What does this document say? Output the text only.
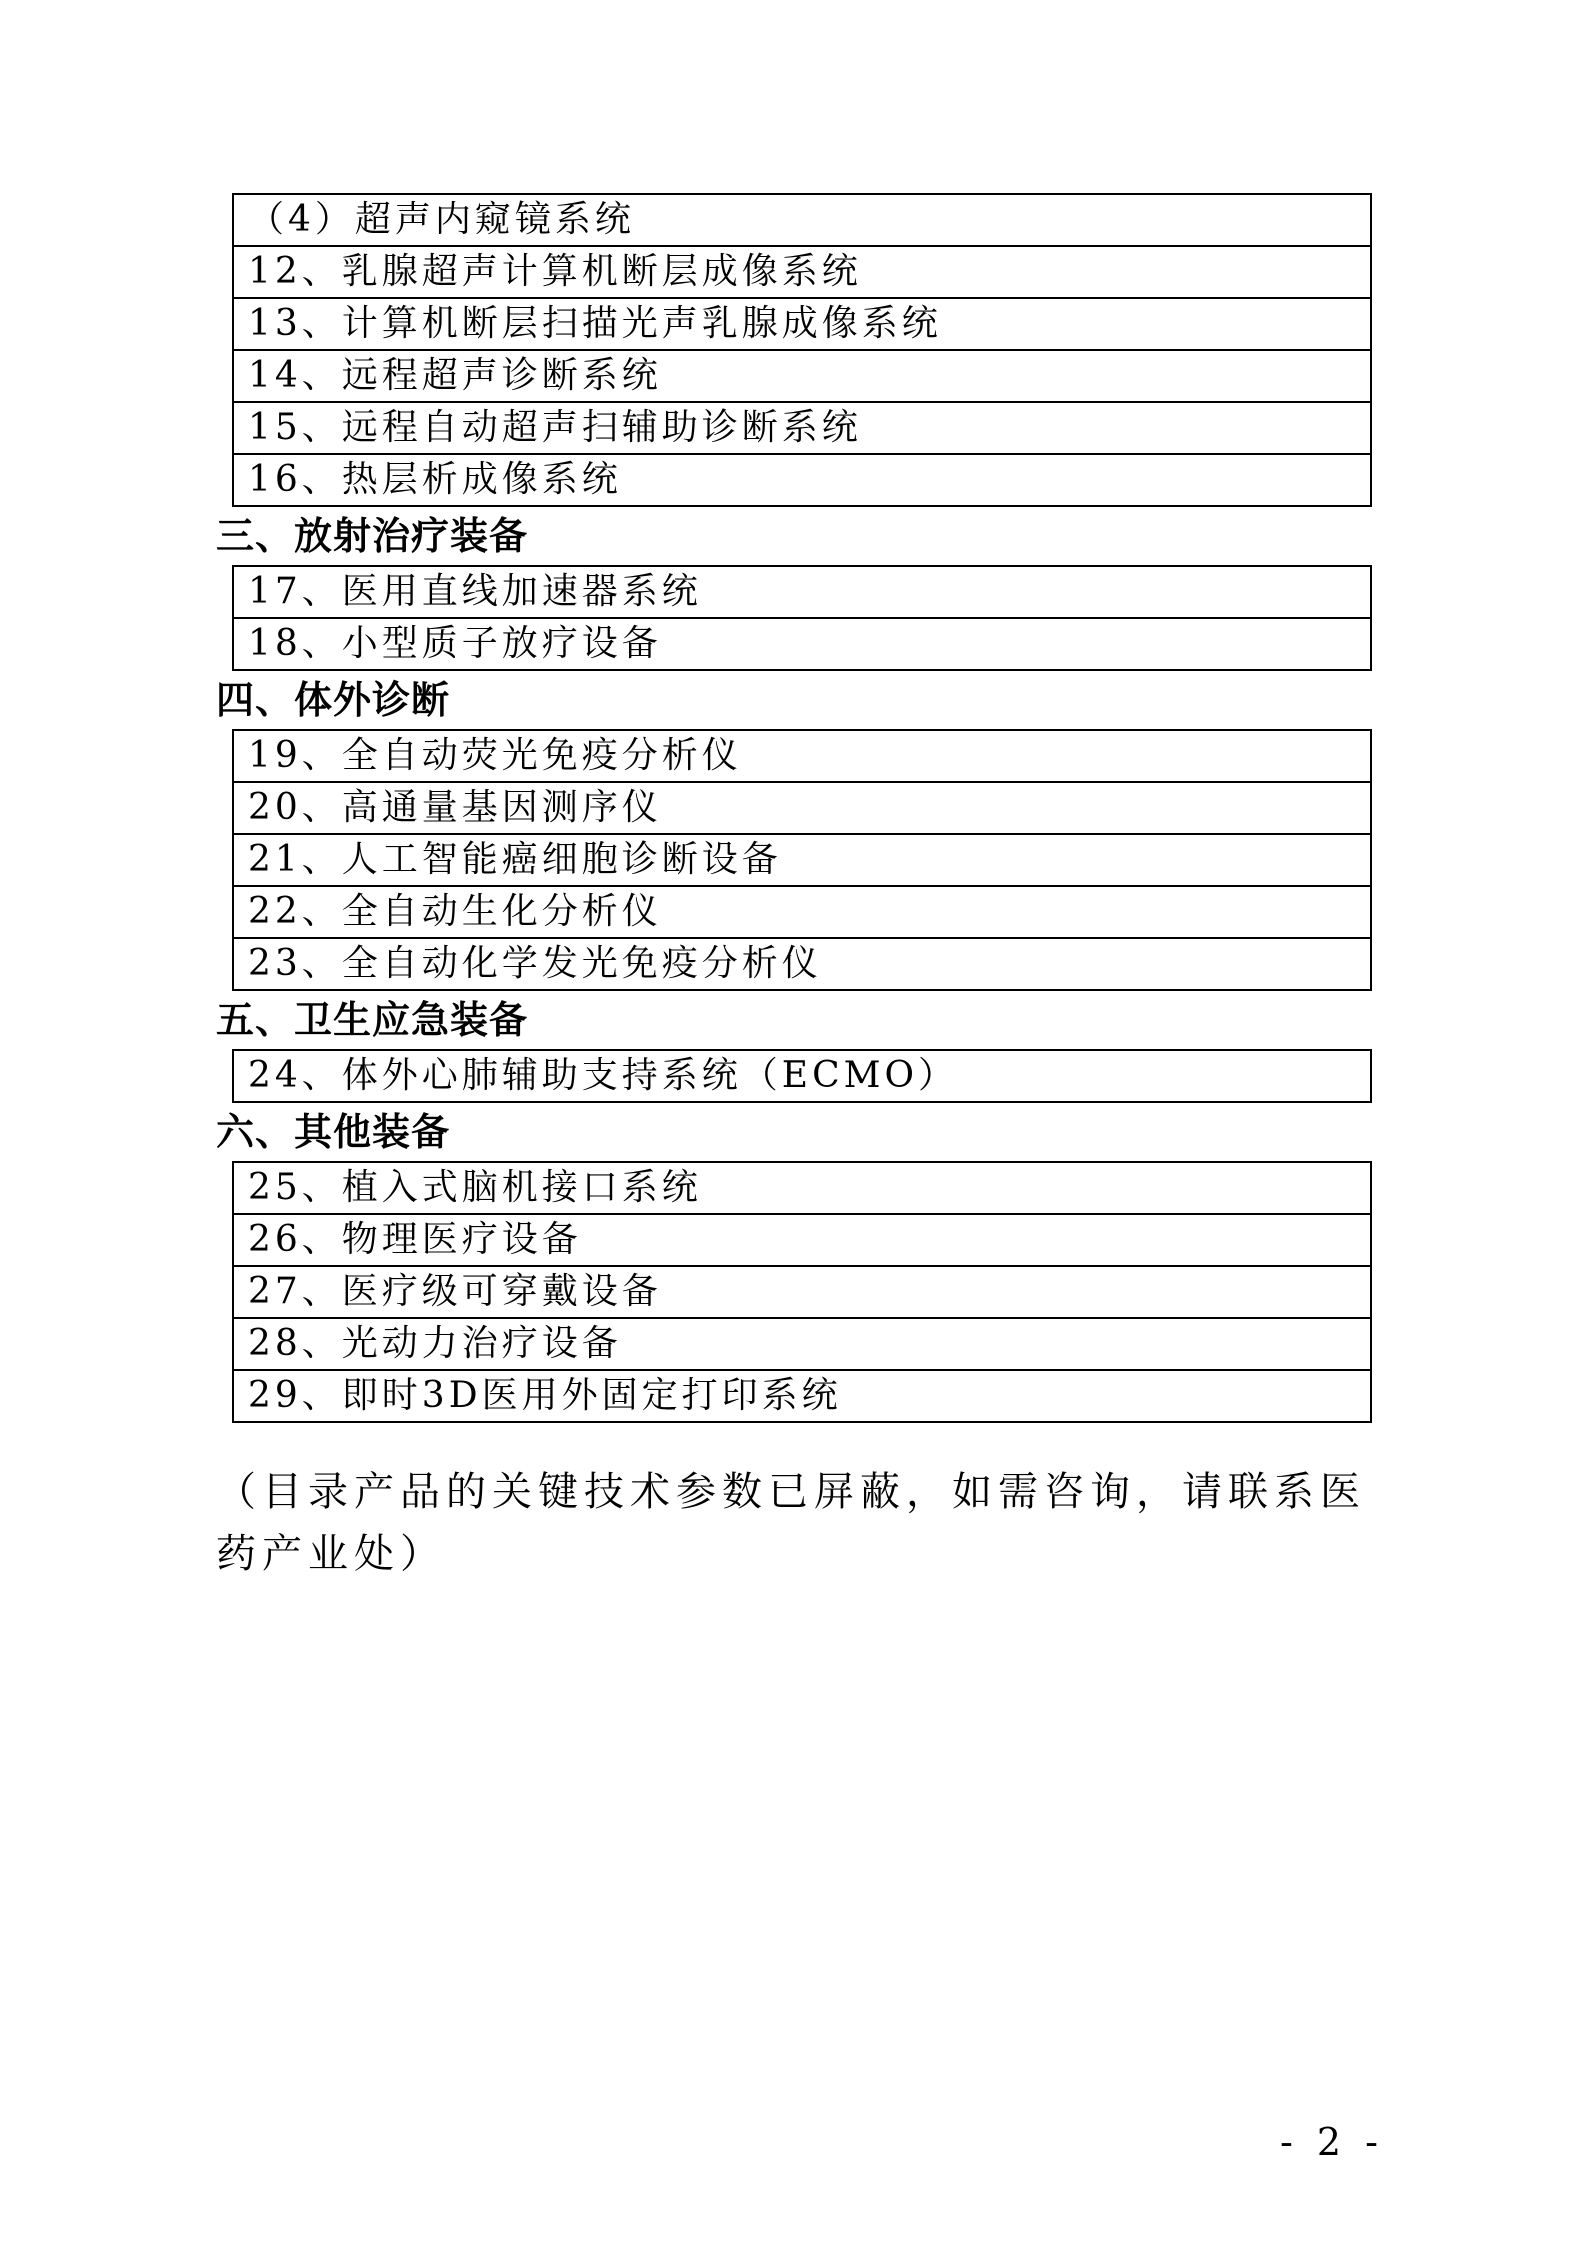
（4）超声内窥镜系统
12、乳腺超声计算机断层成像系统
13、计算机断层扫描光声乳腺成像系统
14、远程超声诊断系统
15、远程自动超声扫辅助诊断系统
16、热层析成像系统
三、放射治疗装备
17、医用直线加速器系统
18、小型质子放疗设备
四、体外诊断
19、全自动荧光免疫分析仪
20、高通量基因测序仪
21、人工智能癌细胞诊断设备
22、全自动生化分析仪
23、全自动化学发光免疫分析仪
五、卫生应急装备
24、体外心肺辅助支持系统（ECMO）
六、其他装备
25、植入式脑机接口系统
26、物理医疗设备
27、医疗级可穿戴设备
28、光动力治疗设备
29、即时3D医用外固定打印系统
（目录产品的关键技术参数已屏蔽，如需咨询，请联系医药产业处）
- 2 -
